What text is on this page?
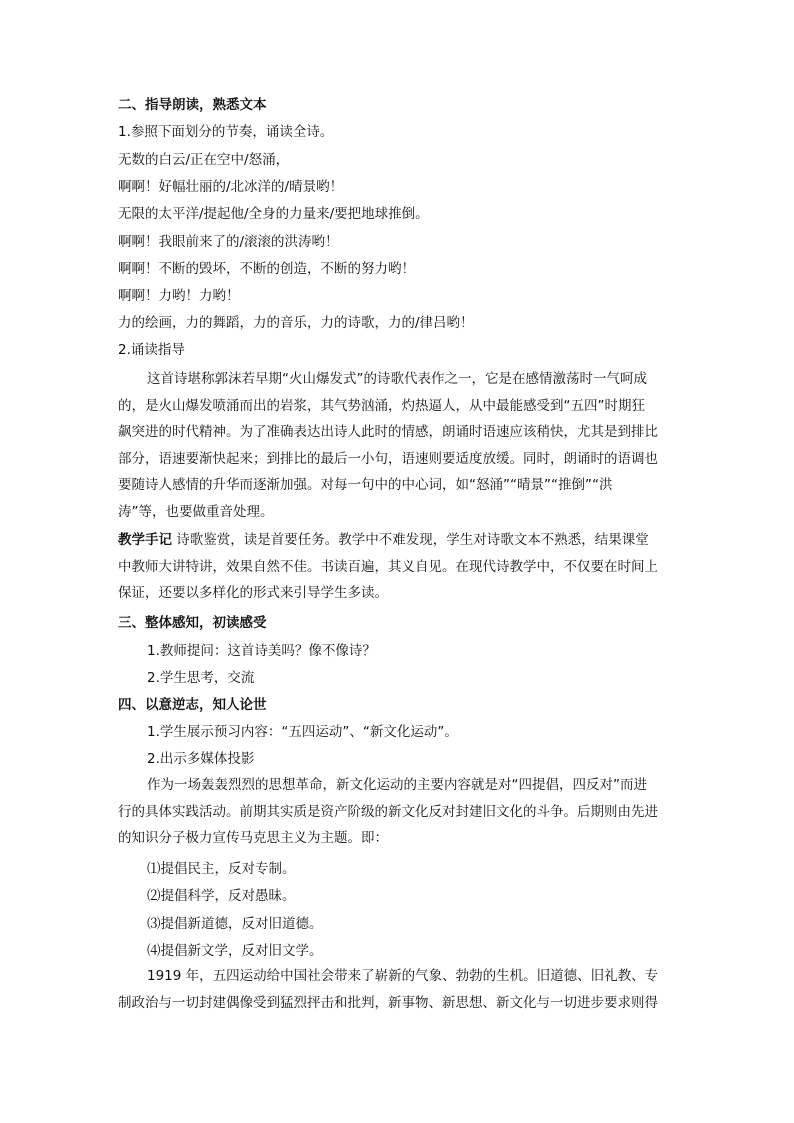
二、指导朗读，熟悉文本
1.参照下面划分的节奏，诵读全诗。
无数的白云/正在空中/怒涌，
啊啊！好幅壮丽的/北冰洋的/晴景哟！
无限的太平洋/提起他/全身的力量来/要把地球推倒。
啊啊！我眼前来了的/滚滚的洪涛哟！
啊啊！不断的毁坏，不断的创造，不断的努力哟！
啊啊！力哟！力哟！
力的绘画，力的舞蹈，力的音乐，力的诗歌，力的/律吕哟！
2.诵读指导
这首诗堪称郭沫若早期“火山爆发式”的诗歌代表作之一，它是在感情激荡时一气呵成
的，是火山爆发喷涌而出的岩浆，其气势汹涌，灼热逼人，从中最能感受到“五四”时期狂
飙突进的时代精神。为了准确表达出诗人此时的情感，朗诵时语速应该稍快，尤其是到排比
部分，语速要渐快起来；到排比的最后一小句，语速则要适度放缓。同时，朗诵时的语调也
要随诗人感情的升华而逐渐加强。对每一句中的中心词，如“怒涌”“晴景”“推倒”“洪
涛”等，也要做重音处理。
教学手记 诗歌鉴赏，读是首要任务。教学中不难发现，学生对诗歌文本不熟悉，结果课堂
中教师大讲特讲，效果自然不佳。书读百遍，其义自见。在现代诗教学中，不仅要在时间上
保证，还要以多样化的形式来引导学生多读。
三、整体感知，初读感受
1.教师提问：这首诗美吗？像不像诗？
2.学生思考，交流
四、以意逆志，知人论世
1.学生展示预习内容：“五四运动”、“新文化运动”。
2.出示多媒体投影
作为一场轰轰烈烈的思想革命，新文化运动的主要内容就是对“四提倡，四反对”而进
行的具体实践活动。前期其实质是资产阶级的新文化反对封建旧文化的斗争。后期则由先进
的知识分子极力宣传马克思主义为主题。即：
⑴提倡民主，反对专制。
⑵提倡科学，反对愚昧。
⑶提倡新道德，反对旧道德。
⑷提倡新文学，反对旧文学。
1919 年，五四运动给中国社会带来了崭新的气象、勃勃的生机。旧道德、旧礼教、专
制政治与一切封建偶像受到猛烈抨击和批判，新事物、新思想、新文化与一切进步要求则得
